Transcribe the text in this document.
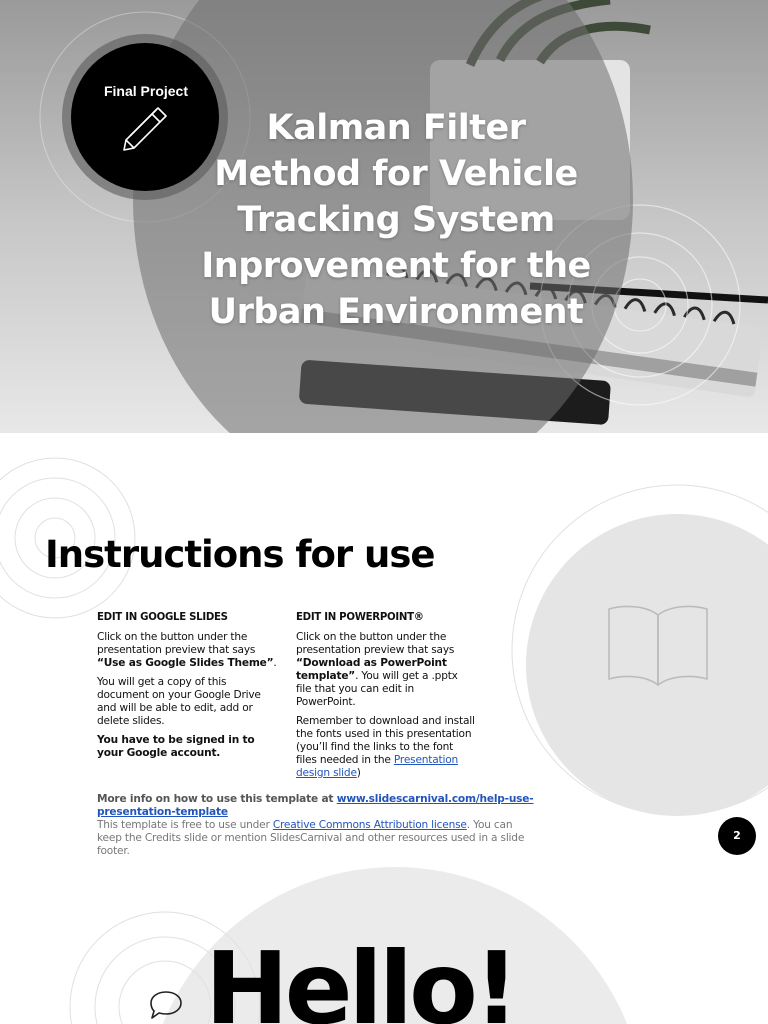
Final Project
Kalman Filter Method for Vehicle Tracking System Inprovement for the Urban Environment
Instructions for use
EDIT IN GOOGLE SLIDES

Click on the button under the presentation preview that says “Use as Google Slides Theme”.

You will get a copy of this document on your Google Drive and will be able to edit, add or delete slides.

You have to be signed in to your Google account.

EDIT IN POWERPOINT®

Click on the button under the presentation preview that says “Download as PowerPoint template”. You will get a .pptx file that you can edit in PowerPoint.

Remember to download and install the fonts used in this presentation (you’ll find the links to the font files needed in the Presentation design slide)

More info on how to use this template at www.slidescarnival.com/help-use-presentation-template
This template is free to use under Creative Commons Attribution license. You can keep the Credits slide or mention SlidesCarnival and other resources used in a slide footer.
2
Hello!
